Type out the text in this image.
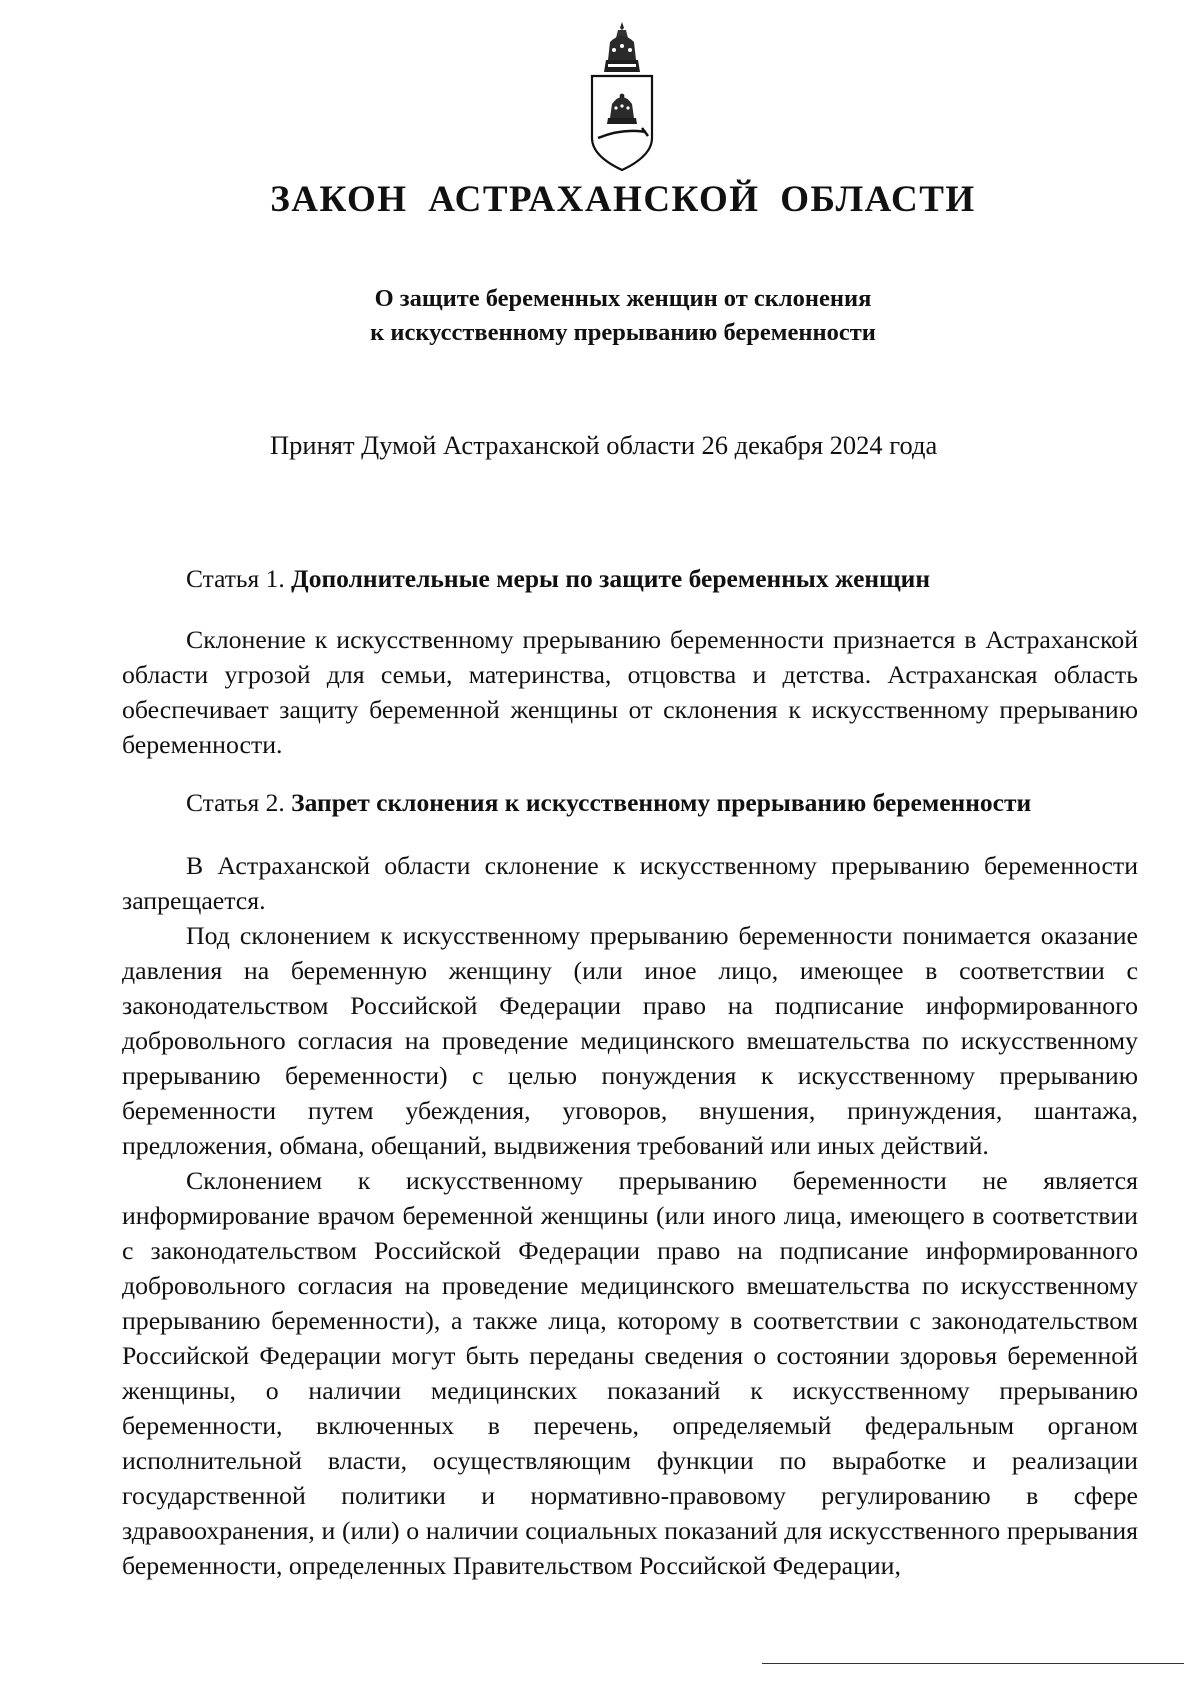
ЗАКОН АСТРАХАНСКОЙ ОБЛАСТИ
О защите беременных женщин от склонения
к искусственному прерыванию беременности

Принят Думой Астраханской области 26 декабря 2024 года

Статья 1. Дополнительные меры по защите беременных женщин

Склонение к искусственному прерыванию беременности признается в Астраханской области угрозой для семьи, материнства, отцовства и детства. Астраханская область обеспечивает защиту беременной женщины от склонения к искусственному прерыванию беременности.

Статья 2. Запрет склонения к искусственному прерыванию беременности

В Астраханской области склонение к искусственному прерыванию беременности запрещается.

Под склонением к искусственному прерыванию беременности понимается оказание давления на беременную женщину (или иное лицо, имеющее в соответствии с законодательством Российской Федерации право на подписание информированного добровольного согласия на проведение медицинского вмешательства по искусственному прерыванию беременности) с целью понуждения к искусственному прерыванию беременности путем убеждения, уговоров, внушения, принуждения, шантажа, предложения, обмана, обещаний, выдвижения требований или иных действий.

Склонением к искусственному прерыванию беременности не является информирование врачом беременной женщины (или иного лица, имеющего в соответствии с законодательством Российской Федерации право на подписание информированного добровольного согласия на проведение медицинского вмешательства по искусственному прерыванию беременности), а также лица, которому в соответствии с законодательством Российской Федерации могут быть переданы сведения о состоянии здоровья беременной женщины, о наличии медицинских показаний к искусственному прерыванию беременности, включенных в перечень, определяемый федеральным органом исполнительной власти, осуществляющим функции по выработке и реализации государственной политики и нормативно-правовому регулированию в сфере здравоохранения, и (или) о наличии социальных показаний для искусственного прерывания беременности, определенных Правительством Российской Федерации,
